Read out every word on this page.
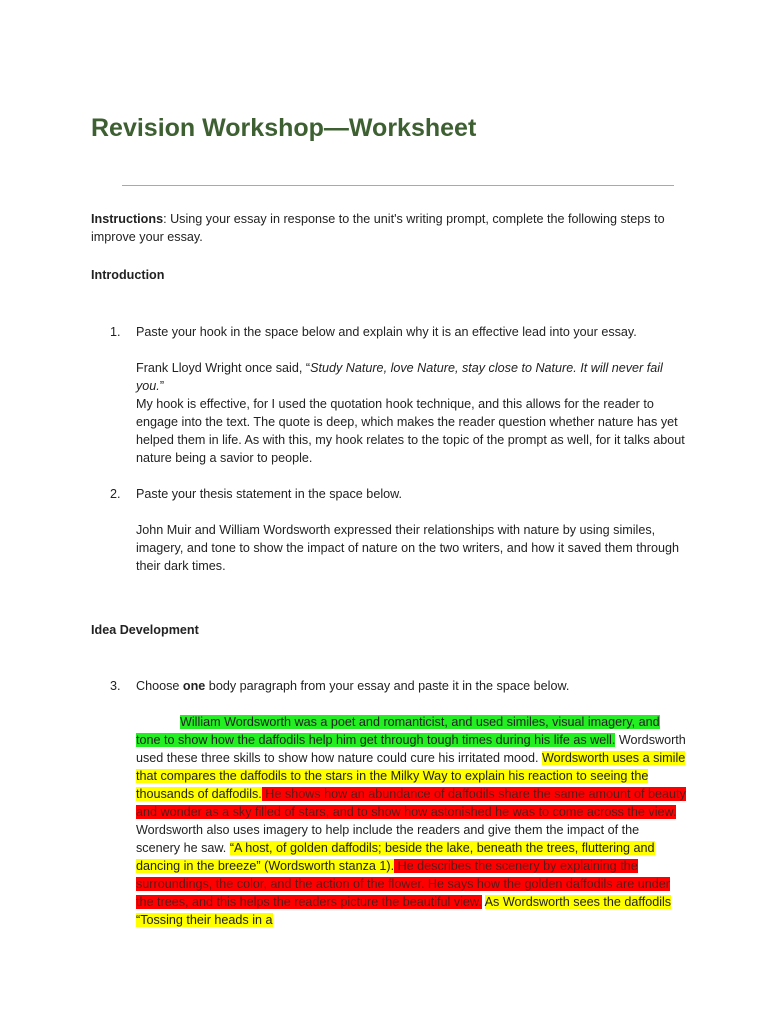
Revision Workshop—Worksheet
Instructions: Using your essay in response to the unit's writing prompt, complete the following steps to improve your essay.

Introduction

1. Paste your hook in the space below and explain why it is an effective lead into your essay.

Frank Lloyd Wright once said, “Study Nature, love Nature, stay close to Nature. It will never fail you.”

My hook is effective, for I used the quotation hook technique, and this allows for the reader to engage into the text. The quote is deep, which makes the reader question whether nature has yet helped them in life. As with this, my hook relates to the topic of the prompt as well, for it talks about nature being a savior to people.

2. Paste your thesis statement in the space below.

John Muir and William Wordsworth expressed their relationships with nature by using similes, imagery, and tone to show the impact of nature on the two writers, and how it saved them through their dark times.

Idea Development

3. Choose one body paragraph from your essay and paste it in the space below.

William Wordsworth was a poet and romanticist, and used similes, visual imagery, and tone to show how the daffodils help him get through tough times during his life as well. Wordsworth used these three skills to show how nature could cure his irritated mood. Wordsworth uses a simile that compares the daffodils to the stars in the Milky Way to explain his reaction to seeing the thousands of daffodils. He shows how an abundance of daffodils share the same amount of beauty and wonder as a sky filled of stars, and to show how astonished he was to come across the view. Wordsworth also uses imagery to help include the readers and give them the impact of the scenery he saw. “A host, of golden daffodils; beside the lake, beneath the trees, fluttering and dancing in the breeze” (Wordsworth stanza 1). He describes the scenery by explaining the surroundings, the color, and the action of the flower. He says how the golden daffodils are under the trees, and this helps the readers picture the beautiful view. As Wordsworth sees the daffodils “Tossing their heads in a
